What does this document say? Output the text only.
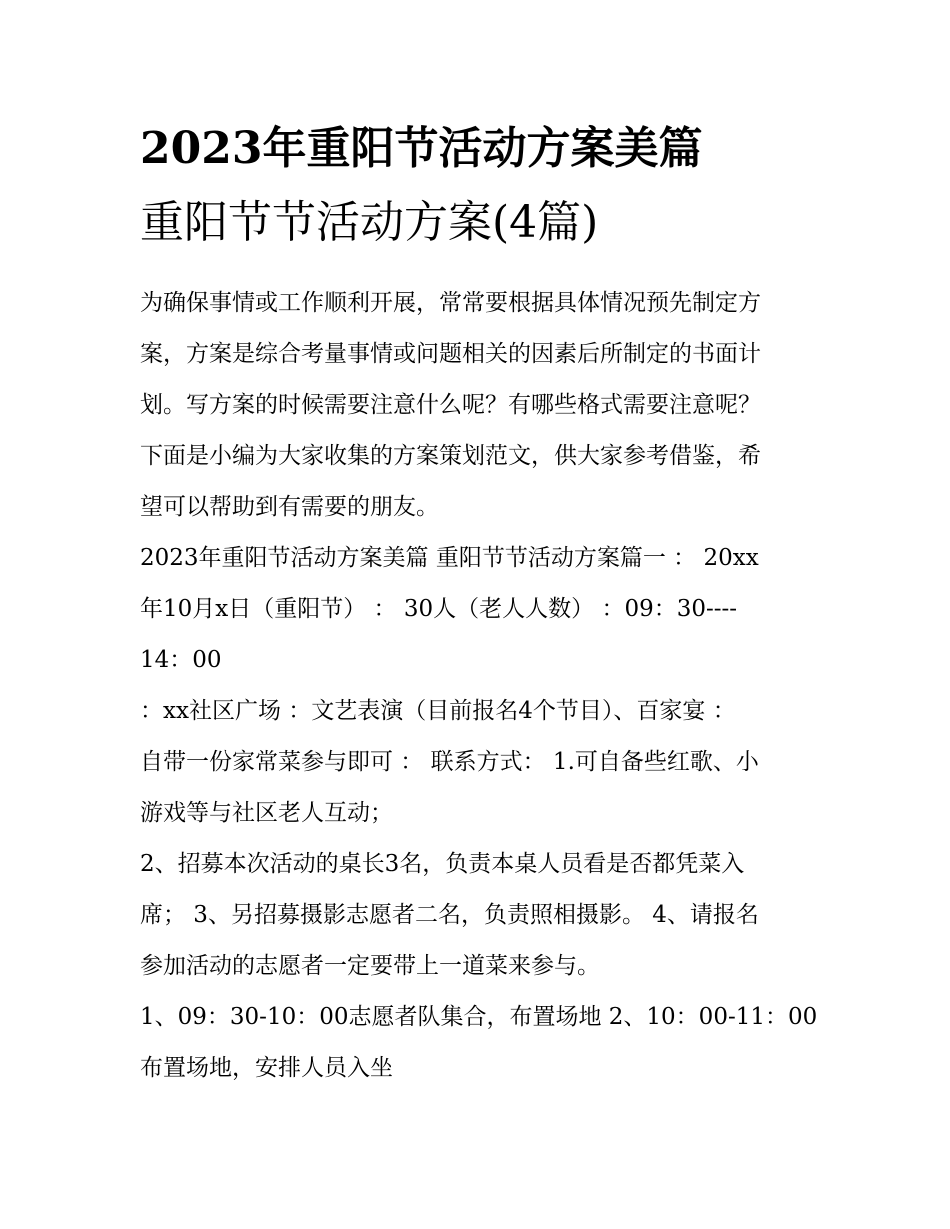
2023年重阳节活动方案美篇
重阳节节活动方案(4篇)

为确保事情或工作顺利开展，常常要根据具体情况预先制定方
案，方案是综合考量事情或问题相关的因素后所制定的书面计
划。写方案的时候需要注意什么呢？有哪些格式需要注意呢？
下面是小编为大家收集的方案策划范文，供大家参考借鉴，希
望可以帮助到有需要的朋友。

2023年重阳节活动方案美篇 重阳节节活动方案篇一 ： 20xx
年10月x日（重阳节） ： 30人（老人人数） ：09：30----
14：00

：xx社区广场 ：文艺表演（目前报名4个节目）、百家宴 ：
自带一份家常菜参与即可 ： 联系方式： 1.可自备些红歌、小
游戏等与社区老人互动；

2、招募本次活动的桌长3名，负责本桌人员看是否都凭菜入
席； 3、另招募摄影志愿者二名，负责照相摄影。 4、请报名
参加活动的志愿者一定要带上一道菜来参与。

1、09：30-10：00志愿者队集合，布置场地 2、10：00-11：00
布置场地，安排人员入坐
